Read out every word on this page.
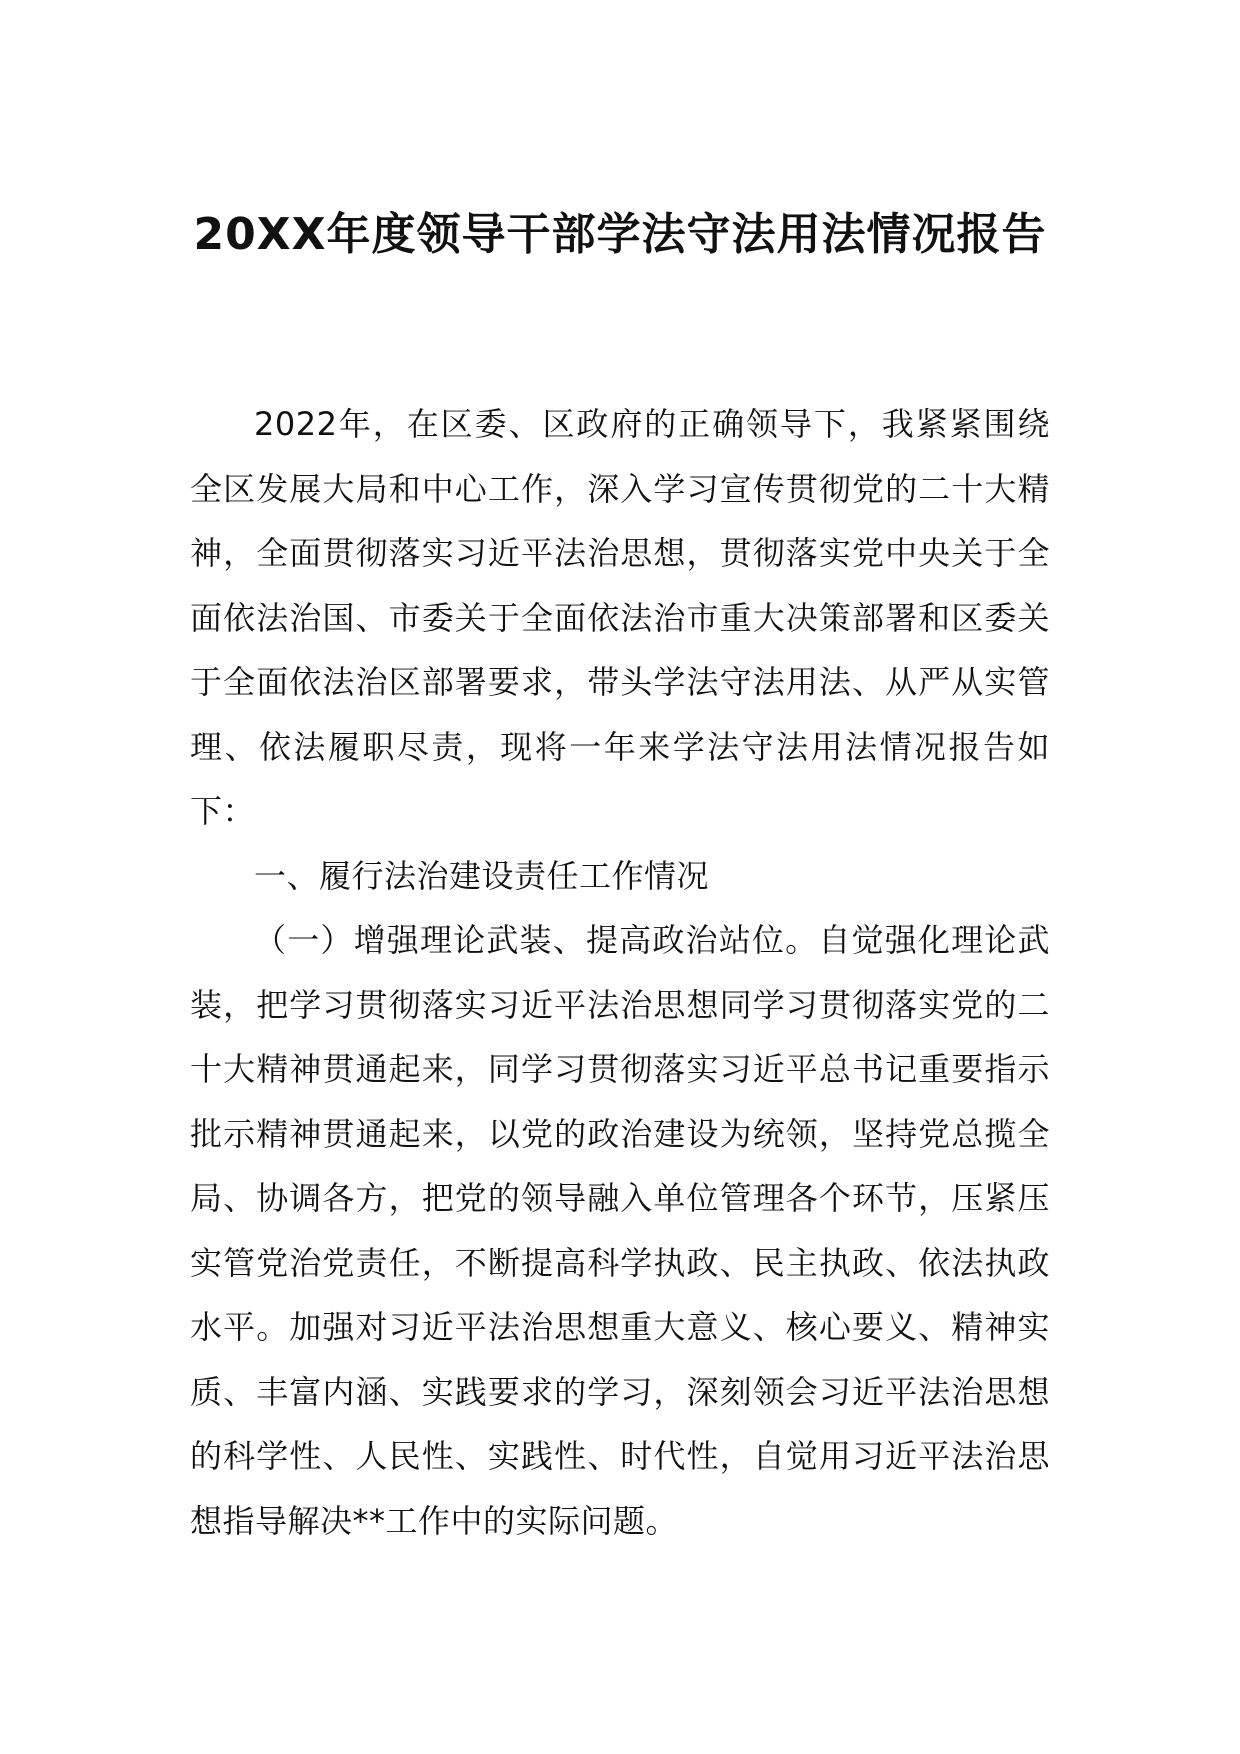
20XX年度领导干部学法守法用法情况报告

2022年，在区委、区政府的正确领导下，我紧紧围绕全区发展大局和中心工作，深入学习宣传贯彻党的二十大精神，全面贯彻落实习近平法治思想，贯彻落实党中央关于全面依法治国、市委关于全面依法治市重大决策部署和区委关于全面依法治区部署要求，带头学法守法用法、从严从实管理、依法履职尽责，现将一年来学法守法用法情况报告如下：

一、履行法治建设责任工作情况

（一）增强理论武装、提高政治站位。自觉强化理论武装，把学习贯彻落实习近平法治思想同学习贯彻落实党的二十大精神贯通起来，同学习贯彻落实习近平总书记重要指示批示精神贯通起来，以党的政治建设为统领，坚持党总揽全局、协调各方，把党的领导融入单位管理各个环节，压紧压实管党治党责任，不断提高科学执政、民主执政、依法执政水平。加强对习近平法治思想重大意义、核心要义、精神实质、丰富内涵、实践要求的学习，深刻领会习近平法治思想的科学性、人民性、实践性、时代性，自觉用习近平法治思想指导解决**工作中的实际问题。
